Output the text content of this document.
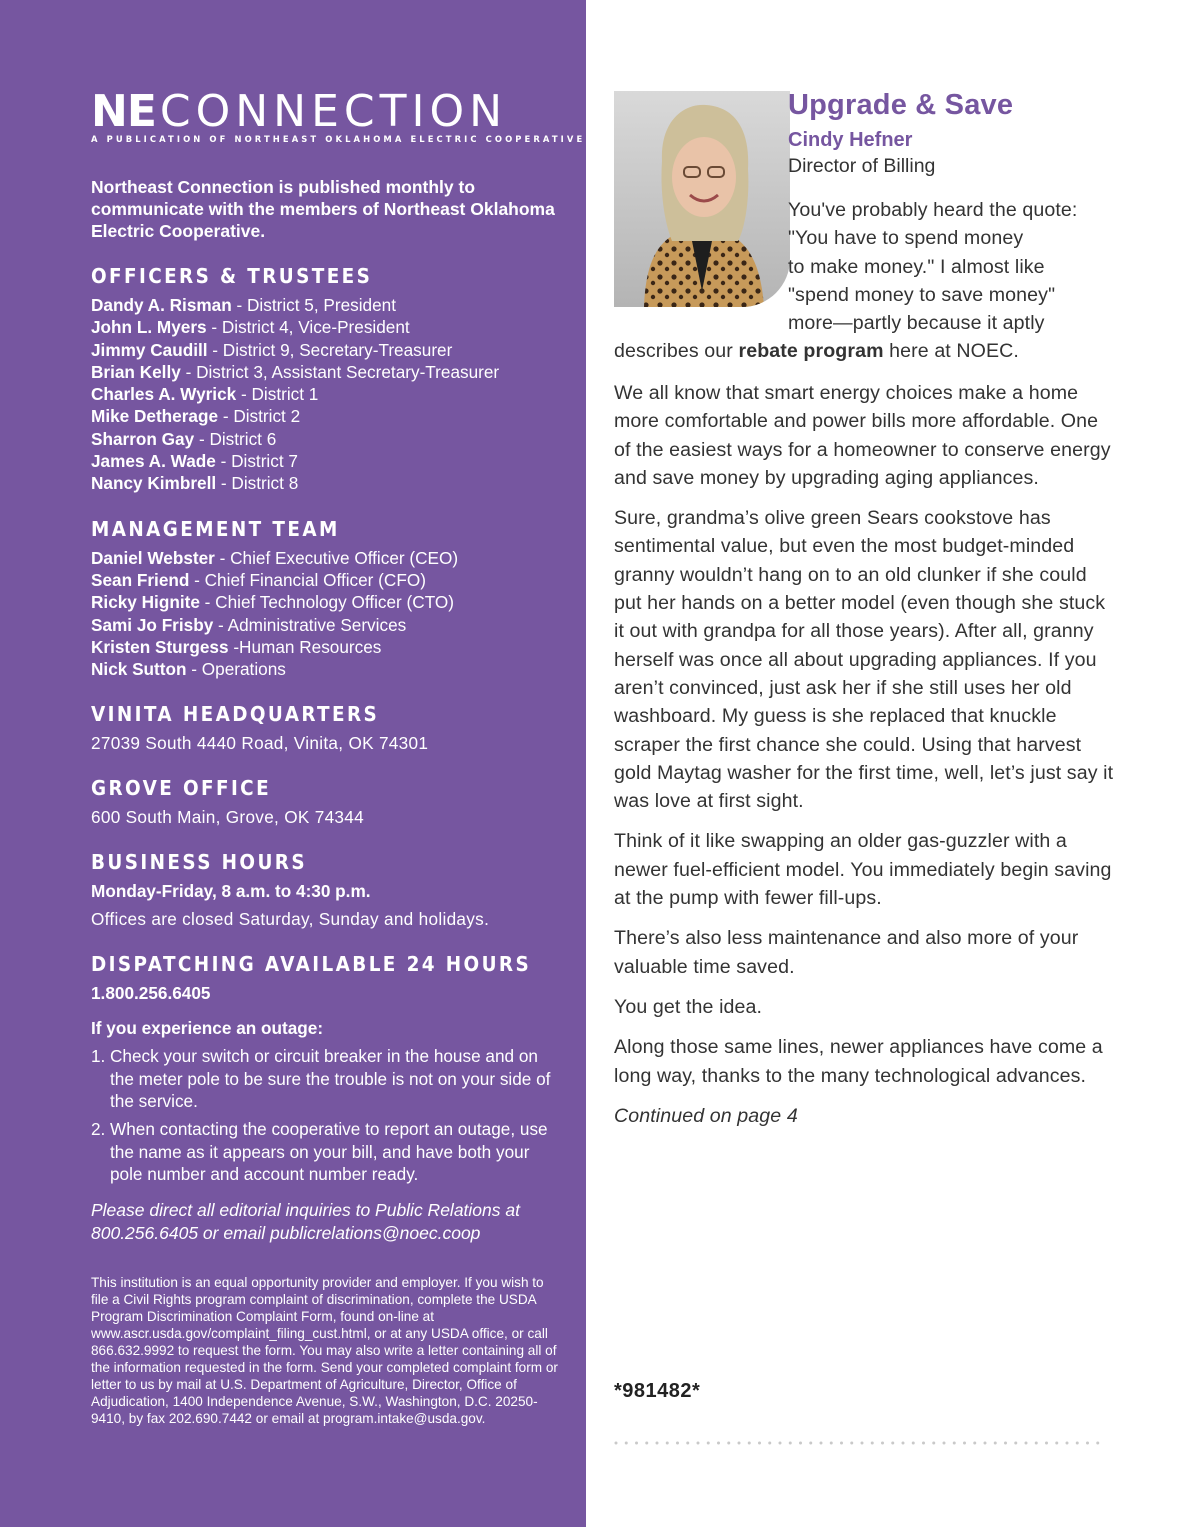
NE CONNECTION
A PUBLICATION OF NORTHEAST OKLAHOMA ELECTRIC COOPERATIVE
Northeast Connection is published monthly to communicate with the members of Northeast Oklahoma Electric Cooperative.
OFFICERS & TRUSTEES
Dandy A. Risman - District 5, President
John L. Myers - District 4, Vice-President
Jimmy Caudill - District 9, Secretary-Treasurer
Brian Kelly - District 3, Assistant Secretary-Treasurer
Charles A. Wyrick - District 1
Mike Detherage - District 2
Sharron Gay - District 6
James A. Wade - District 7
Nancy Kimbrell - District 8
MANAGEMENT TEAM
Daniel Webster - Chief Executive Officer (CEO)
Sean Friend - Chief Financial Officer (CFO)
Ricky Hignite - Chief Technology Officer (CTO)
Sami Jo Frisby - Administrative Services
Kristen Sturgess -Human Resources
Nick Sutton - Operations
VINITA HEADQUARTERS
27039 South 4440 Road, Vinita, OK 74301
GROVE OFFICE
600 South Main, Grove, OK 74344
BUSINESS HOURS
Monday-Friday, 8 a.m. to 4:30 p.m.
Offices are closed Saturday, Sunday and holidays.
DISPATCHING AVAILABLE 24 HOURS
1.800.256.6405
If you experience an outage:
1. Check your switch or circuit breaker in the house and on the meter pole to be sure the trouble is not on your side of the service.
2. When contacting the cooperative to report an outage, use the name as it appears on your bill, and have both your pole number and account number ready.
Please direct all editorial inquiries to Public Relations at 800.256.6405 or email publicrelations@noec.coop
This institution is an equal opportunity provider and employer. If you wish to file a Civil Rights program complaint of discrimination, complete the USDA Program Discrimination Complaint Form, found on-line at www.ascr.usda.gov/complaint_filing_cust.html, or at any USDA office, or call 866.632.9992 to request the form. You may also write a letter containing all of the information requested in the form. Send your completed complaint form or letter to us by mail at U.S. Department of Agriculture, Director, Office of Adjudication, 1400 Independence Avenue, S.W., Washington, D.C. 20250-9410, by fax 202.690.7442 or email at program.intake@usda.gov.
Upgrade & Save
Cindy Hefner
Director of Billing
You've probably heard the quote:
"You have to spend money
to make money." I almost like
"spend money to save money"
more—partly because it aptly
describes our rebate program here at NOEC.

We all know that smart energy choices make a home more comfortable and power bills more affordable. One of the easiest ways for a homeowner to conserve energy and save money by upgrading aging appliances.

Sure, grandma’s olive green Sears cookstove has sentimental value, but even the most budget-minded granny wouldn’t hang on to an old clunker if she could put her hands on a better model (even though she stuck it out with grandpa for all those years). After all, granny herself was once all about upgrading appliances. If you aren’t convinced, just ask her if she still uses her old washboard. My guess is she replaced that knuckle scraper the first chance she could. Using that harvest gold Maytag washer for the first time, well, let’s just say it was love at first sight.

Think of it like swapping an older gas-guzzler with a newer fuel-efficient model. You immediately begin saving at the pump with fewer fill-ups.

There’s also less maintenance and also more of your valuable time saved.

You get the idea.

Along those same lines, newer appliances have come a long way, thanks to the many technological advances.

Continued on page 4

*981482*
